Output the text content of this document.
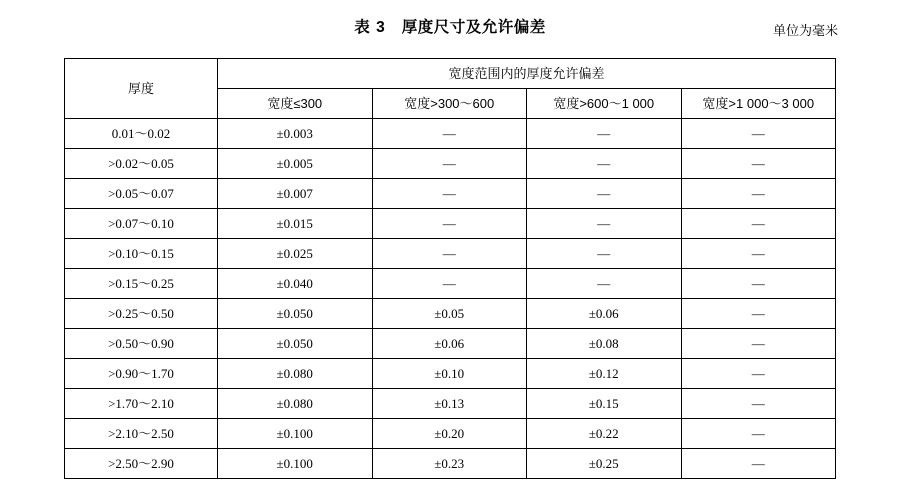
表 3 厚度尺寸及允许偏差	单位为毫米
厚度	宽度范围内的厚度允许偏差			
	宽度≤300	宽度>300～600	宽度>600～1 000	宽度>1 000～3 000
0.01～0.02	±0.003	—	—	—
>0.02～0.05	±0.005	—	—	—
>0.05～0.07	±0.007	—	—	—
>0.07～0.10	±0.015	—	—	—
>0.10～0.15	±0.025	—	—	—
>0.15～0.25	±0.040	—	—	—
>0.25～0.50	±0.050	±0.05	±0.06	—
>0.50～0.90	±0.050	±0.06	±0.08	—
>0.90～1.70	±0.080	±0.10	±0.12	—
>1.70～2.10	±0.080	±0.13	±0.15	—
>2.10～2.50	±0.100	±0.20	±0.22	—
>2.50～2.90	±0.100	±0.23	±0.25	—
